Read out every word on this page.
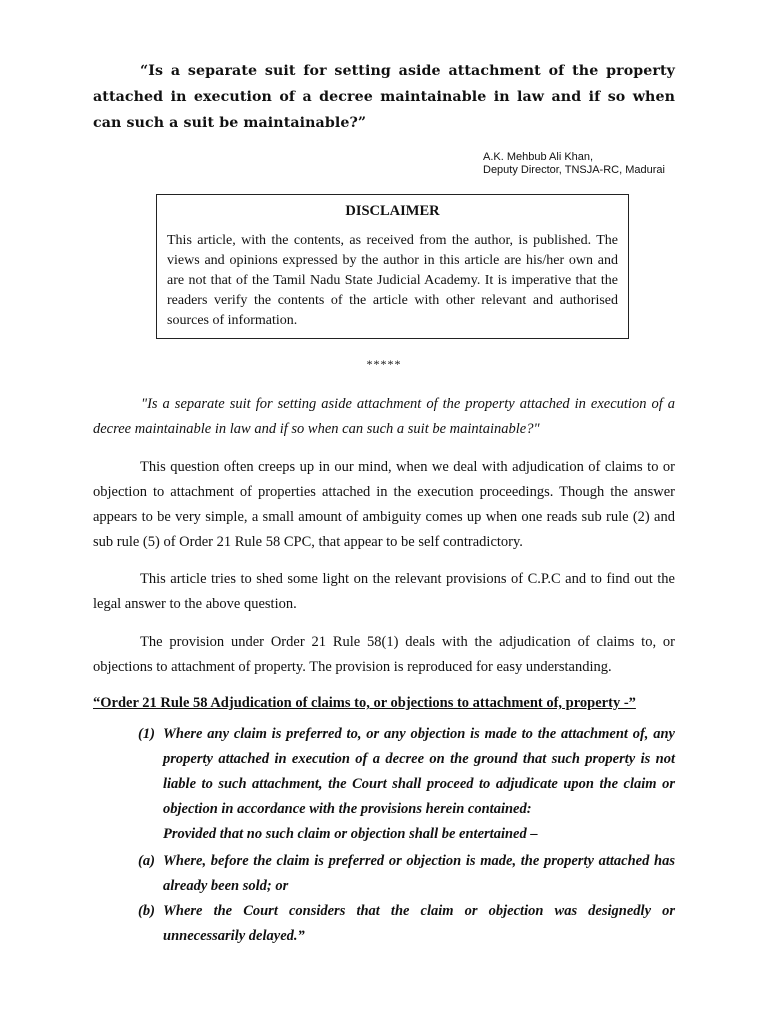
“Is a separate suit for setting aside attachment of the property attached in execution of a decree maintainable in law and if so when can such a suit be maintainable?”

A.K. Mehbub Ali Khan,
Deputy Director, TNSJA-RC, Madurai

DISCLAIMER

This article, with the contents, as received from the author, is published. The views and opinions expressed by the author in this article are his/her own and are not that of the Tamil Nadu State Judicial Academy. It is imperative that the readers verify the contents of the article with other relevant and authorised sources of information.

*****

"Is a separate suit for setting aside attachment of the property attached in execution of a decree maintainable in law and if so when can such a suit be maintainable?"

This question often creeps up in our mind, when we deal with adjudication of claims to or objection to attachment of properties attached in the execution proceedings. Though the answer appears to be very simple, a small amount of ambiguity comes up when one reads sub rule (2) and sub rule (5) of Order 21 Rule 58 CPC, that appear to be self contradictory.

This article tries to shed some light on the relevant provisions of C.P.C and to find out the legal answer to the above question.

The provision under Order 21 Rule 58(1) deals with the adjudication of claims to, or objections to attachment of property. The provision is reproduced for easy understanding.

“Order 21 Rule 58 Adjudication of claims to, or objections to attachment of, property -”

(1) Where any claim is preferred to, or any objection is made to the attachment of, any property attached in execution of a decree on the ground that such property is not liable to such attachment, the Court shall proceed to adjudicate upon the claim or objection in accordance with the provisions herein contained:
Provided that no such claim or objection shall be entertained –

(a) Where, before the claim is preferred or objection is made, the property attached has already been sold; or

(b) Where the Court considers that the claim or objection was designedly or unnecessarily delayed.”
